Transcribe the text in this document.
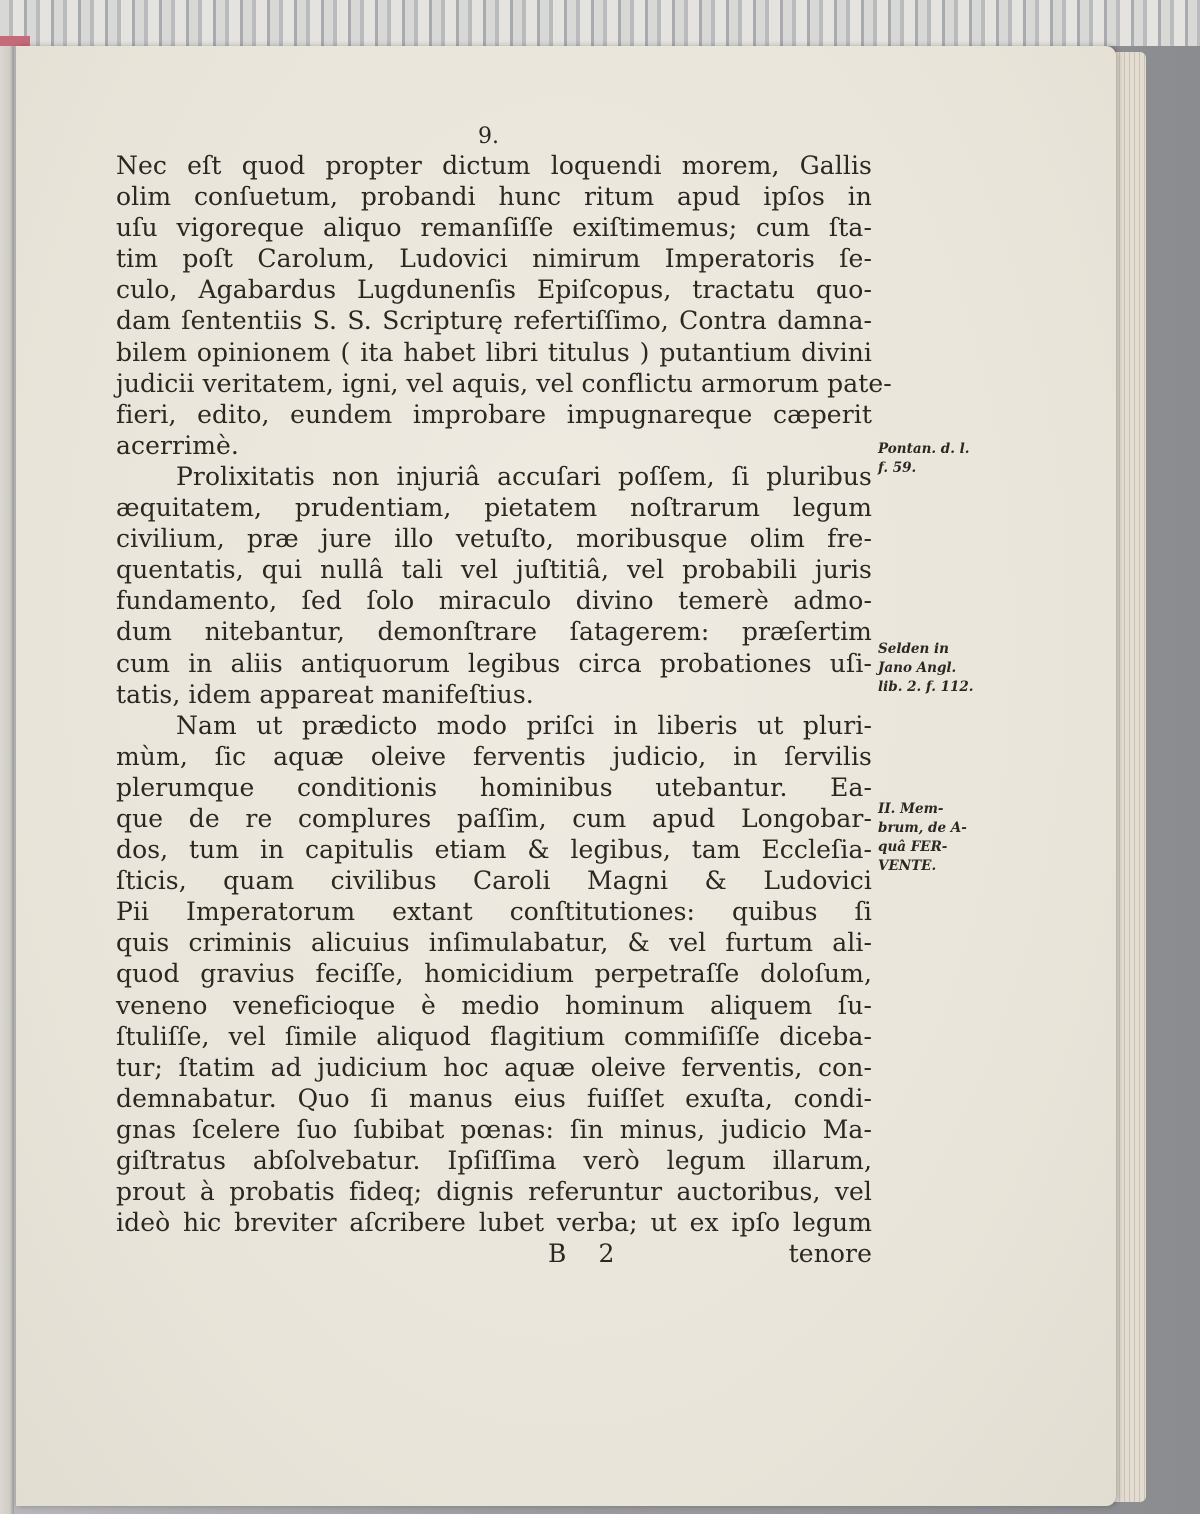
9.
Nec eſt quod propter dictum loquendi morem, Gallis
olim conſuetum, probandi hunc ritum apud ipſos in
uſu vigoreque aliquo remanſiſſe exiſtimemus; cum ſta-
tim poſt Carolum, Ludovici nimirum Imperatoris ſe-
culo, Agabardus Lugdunenſis Epiſcopus, tractatu quo-
dam ſententiis S. S. Scripturę refertiſſimo, Contra damna-
bilem opinionem ( ita habet libri titulus ) putantium divini
judicii veritatem, igni, vel aquis, vel conflictu armorum pate-
fieri, edito, eundem improbare impugnareque cæperit
acerrimè.
Prolixitatis non injuriâ accuſari poſſem, ſi pluribus
æquitatem, prudentiam, pietatem noſtrarum legum
civilium, præ jure illo vetuſto, moribusque olim fre-
quentatis, qui nullâ tali vel juſtitiâ, vel probabili juris
fundamento, ſed ſolo miraculo divino temerè admo-
dum nitebantur, demonſtrare ſatagerem: præſertim
cum in aliis antiquorum legibus circa probationes uſi-
tatis, idem appareat manifeſtius.
Nam ut prædicto modo priſci in liberis ut pluri-
mùm, ſic aquæ oleive ferventis judicio, in ſervilis
plerumque conditionis hominibus utebantur. Ea-
que de re complures paſſim, cum apud Longobar-
dos, tum in capitulis etiam & legibus, tam Eccleſia-
ſticis, quam civilibus Caroli Magni & Ludovici
Pii Imperatorum extant conſtitutiones: quibus ſi
quis criminis alicuius inſimulabatur, & vel furtum ali-
quod gravius feciſſe, homicidium perpetraſſe doloſum,
veneno veneficioque è medio hominum aliquem ſu-
ſtuliſſe, vel ſimile aliquod flagitium commiſiſſe diceba-
tur; ſtatim ad judicium hoc aquæ oleive ferventis, con-
demnabatur. Quo ſi manus eius fuiſſet exuſta, condi-
gnas ſcelere ſuo ſubibat pœnas: ſin minus, judicio Ma-
giſtratus abſolvebatur. Ipſiſſima verò legum illarum,
prout à probatis fideq; dignis referuntur auctoribus, vel
ideò hic breviter aſcribere lubet verba; ut ex ipſo legum
B 2	tenore
Pontan. d. l.
f. 59.
Selden in
Jano Angl.
lib. 2. f. 112.
II. Mem-
brum, de A-
quâ FER-
VENTE.
